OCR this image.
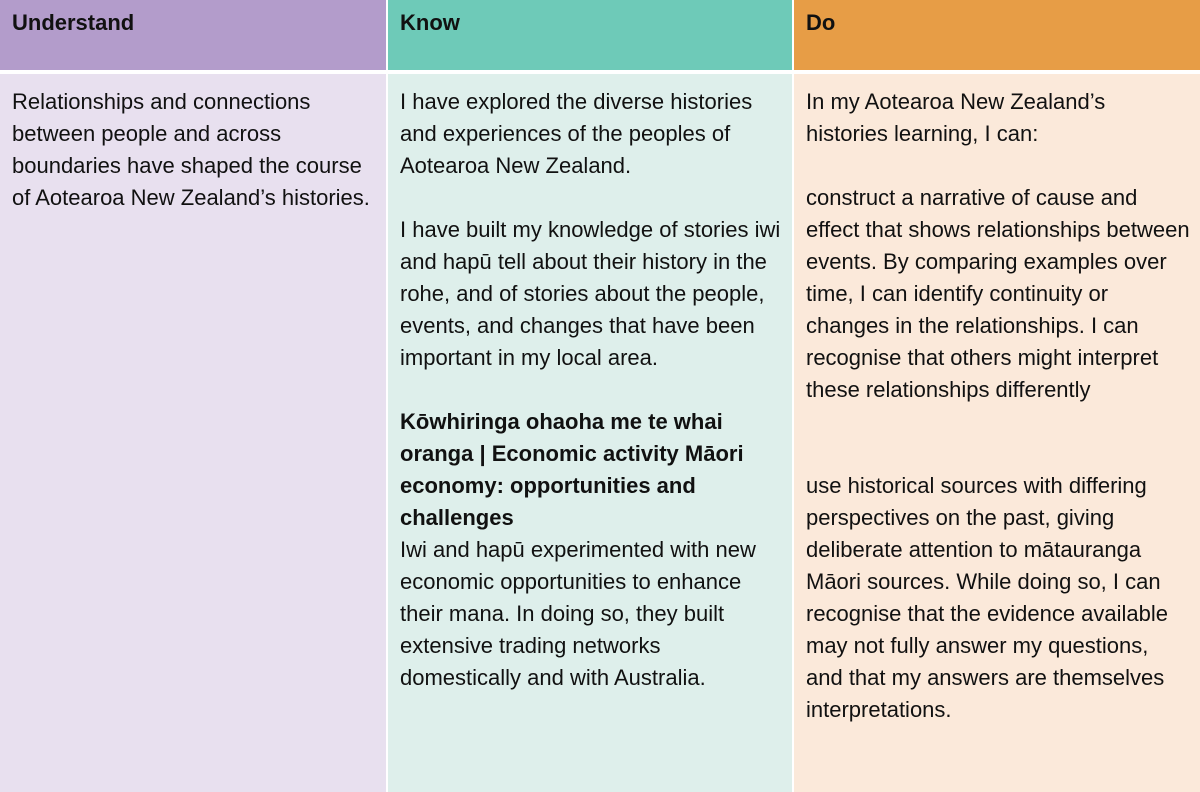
Understand	Know	Do

Relationships and connections between people and across boundaries have shaped the course of Aotearoa New Zealand’s histories.

I have explored the diverse histories and experiences of the peoples of Aotearoa New Zealand.

I have built my knowledge of stories iwi and hapū tell about their history in the rohe, and of stories about the people, events, and changes that have been important in my local area.

Kōwhiringa ohaoha me te whai oranga | Economic activity Māori economy: opportunities and challenges

Iwi and hapū experimented with new economic opportunities to enhance their mana. In doing so, they built extensive trading networks domestically and with Australia.

In my Aotearoa New Zealand’s histories learning, I can:

construct a narrative of cause and effect that shows relationships between events. By comparing examples over time, I can identify continuity or changes in the relationships. I can recognise that others might interpret these relationships differently

use historical sources with differing perspectives on the past, giving deliberate attention to mātauranga Māori sources. While doing so, I can recognise that the evidence available may not fully answer my questions, and that my answers are themselves interpretations.
